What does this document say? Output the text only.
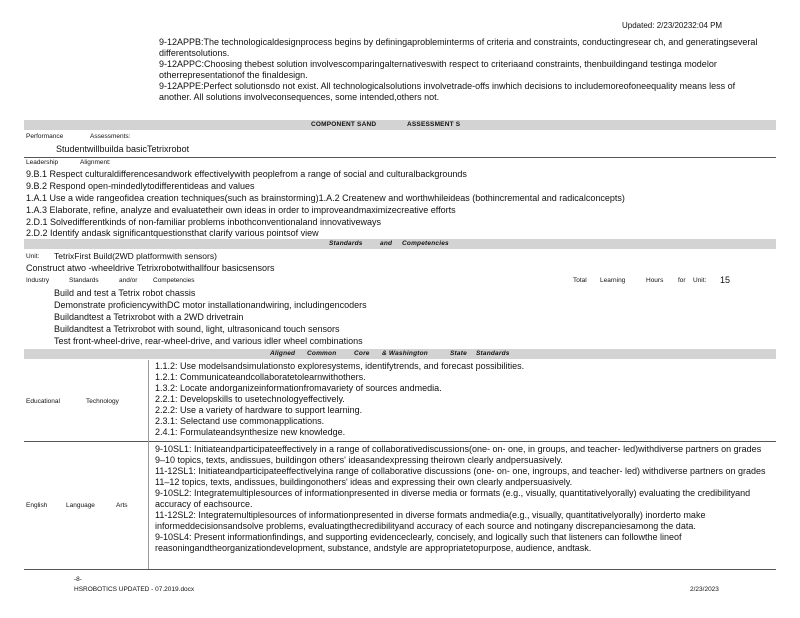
Updated: 2/23/20232:04 PM

9-12APPB:The technologicaldesignprocess begins by definingaprobleminterms of criteria and constraints, conductingresear ch, and generatingseveral differentsolutions.

9-12APPC:Choosing thebest solution involvescomparingalternativeswith respect to criteriaand constraints, thenbuildingand testinga modelor otherrepresentationof the finaldesign.

9-12APPE:Perfect solutionsdo not exist. All technologicalsolutions involvetrade-offs inwhich decisions to includemoreofoneequality means less of another. All solutions involveconsequences, some intended,others not.

COMPONENT SAND	ASSESSMENT S
Performance	Assessments:
Studentwillbuilda basicTetrixrobot
Leadership	Alignment:
9.B.1 Respect culturaldifferencesandwork effectivelywith peoplefrom a range of social and culturalbackgrounds
9.B.2 Respond open-mindedlytodifferentideas and values
1.A.1 Use a wide rangeofidea creation techniques(such as brainstorming)1.A.2 Createnew and worthwhileideas (bothincremental and radicalconcepts)
1.A.3 Elaborate, refine, analyze and evaluatetheir own ideas in order to improveandmaximizecreative efforts
2.D.1 Solvedifferentkinds of non-familiar problems inbothconventionaland innovativeways
2.D.2 Identify andask significantquestionsthat clarify various pointsof view
Standards	and Competencies
Unit: TetrixFirst Build(2WD platformwith sensors)
Construct atwo -wheeldrive Tetrixrobotwithallfour basicsensors
Industry	Standards	and/or Competencies	Total Learning	Hours for Unit: 15
Build and test a Tetrix robot chassis
Demonstrate proficiencywithDC motor installationandwiring, includingencoders
Buildandtest a Tetrixrobot with a 2WD drivetrain
Buildandtest a Tetrixrobot with sound, light, ultrasonicand touch sensors
Test front-wheel-drive, rear-wheel-drive, and various idler wheel combinations
Aligned Common	Core & Washington	State Standards
Educational	Technology

1.1.2: Use modelsandsimulationsto exploresystems, identifytrends, and forecast possibilities.

1.2.1: Communicateandcollaboratetolearnwithothers.

1.3.2: Locate andorganizeinformationfromavariety of sources andmedia.

2.2.1: Developskills to usetechnologyeffectively.

2.2.2: Use a variety of hardware to support learning.

2.3.1: Selectand use commonapplications.

2.4.1: Formulateandsynthesize new knowledge.

English	Language	Arts

9-10SL1: Initiateandparticipateeffectively in a range of collaborativediscussions(one- on- one, in groups, and teacher- led)withdiverse partners on grades 9–10 topics, texts, andissues, buildingon others' ideasandexpressing theirown clearly andpersuasively.

11-12SL1: Initiateandparticipateeffectivelyina range of collaborative discussions (one- on- one, ingroups, and teacher- led) withdiverse partners on grades 11–12 topics, texts, andissues, buildingonothers' ideas and expressing their own clearly andpersuasively.

9-10SL2: Integratemultiplesources of informationpresented in diverse media or formats (e.g., visually, quantitativelyorally) evaluating the credibilityand accuracy of eachsource.

11-12SL2: Integratemultiplesources of informationpresented in diverse formats andmedia(e.g., visually, quantitativelyorally) inorderto make informeddecisionsandsolve problems, evaluatingthecredibilityand accuracy of each source and notingany discrepanciesamong the data.

9-10SL4: Present informationfindings, and supporting evidenceclearly, concisely, and logically such that listeners can followthe lineof reasoningandtheorganizationdevelopment, substance, andstyle are appropriatetopurpose, audience, andtask.

-8-
HSROBOTICS UPDATED - 07.2019.docx	2/23/2023
